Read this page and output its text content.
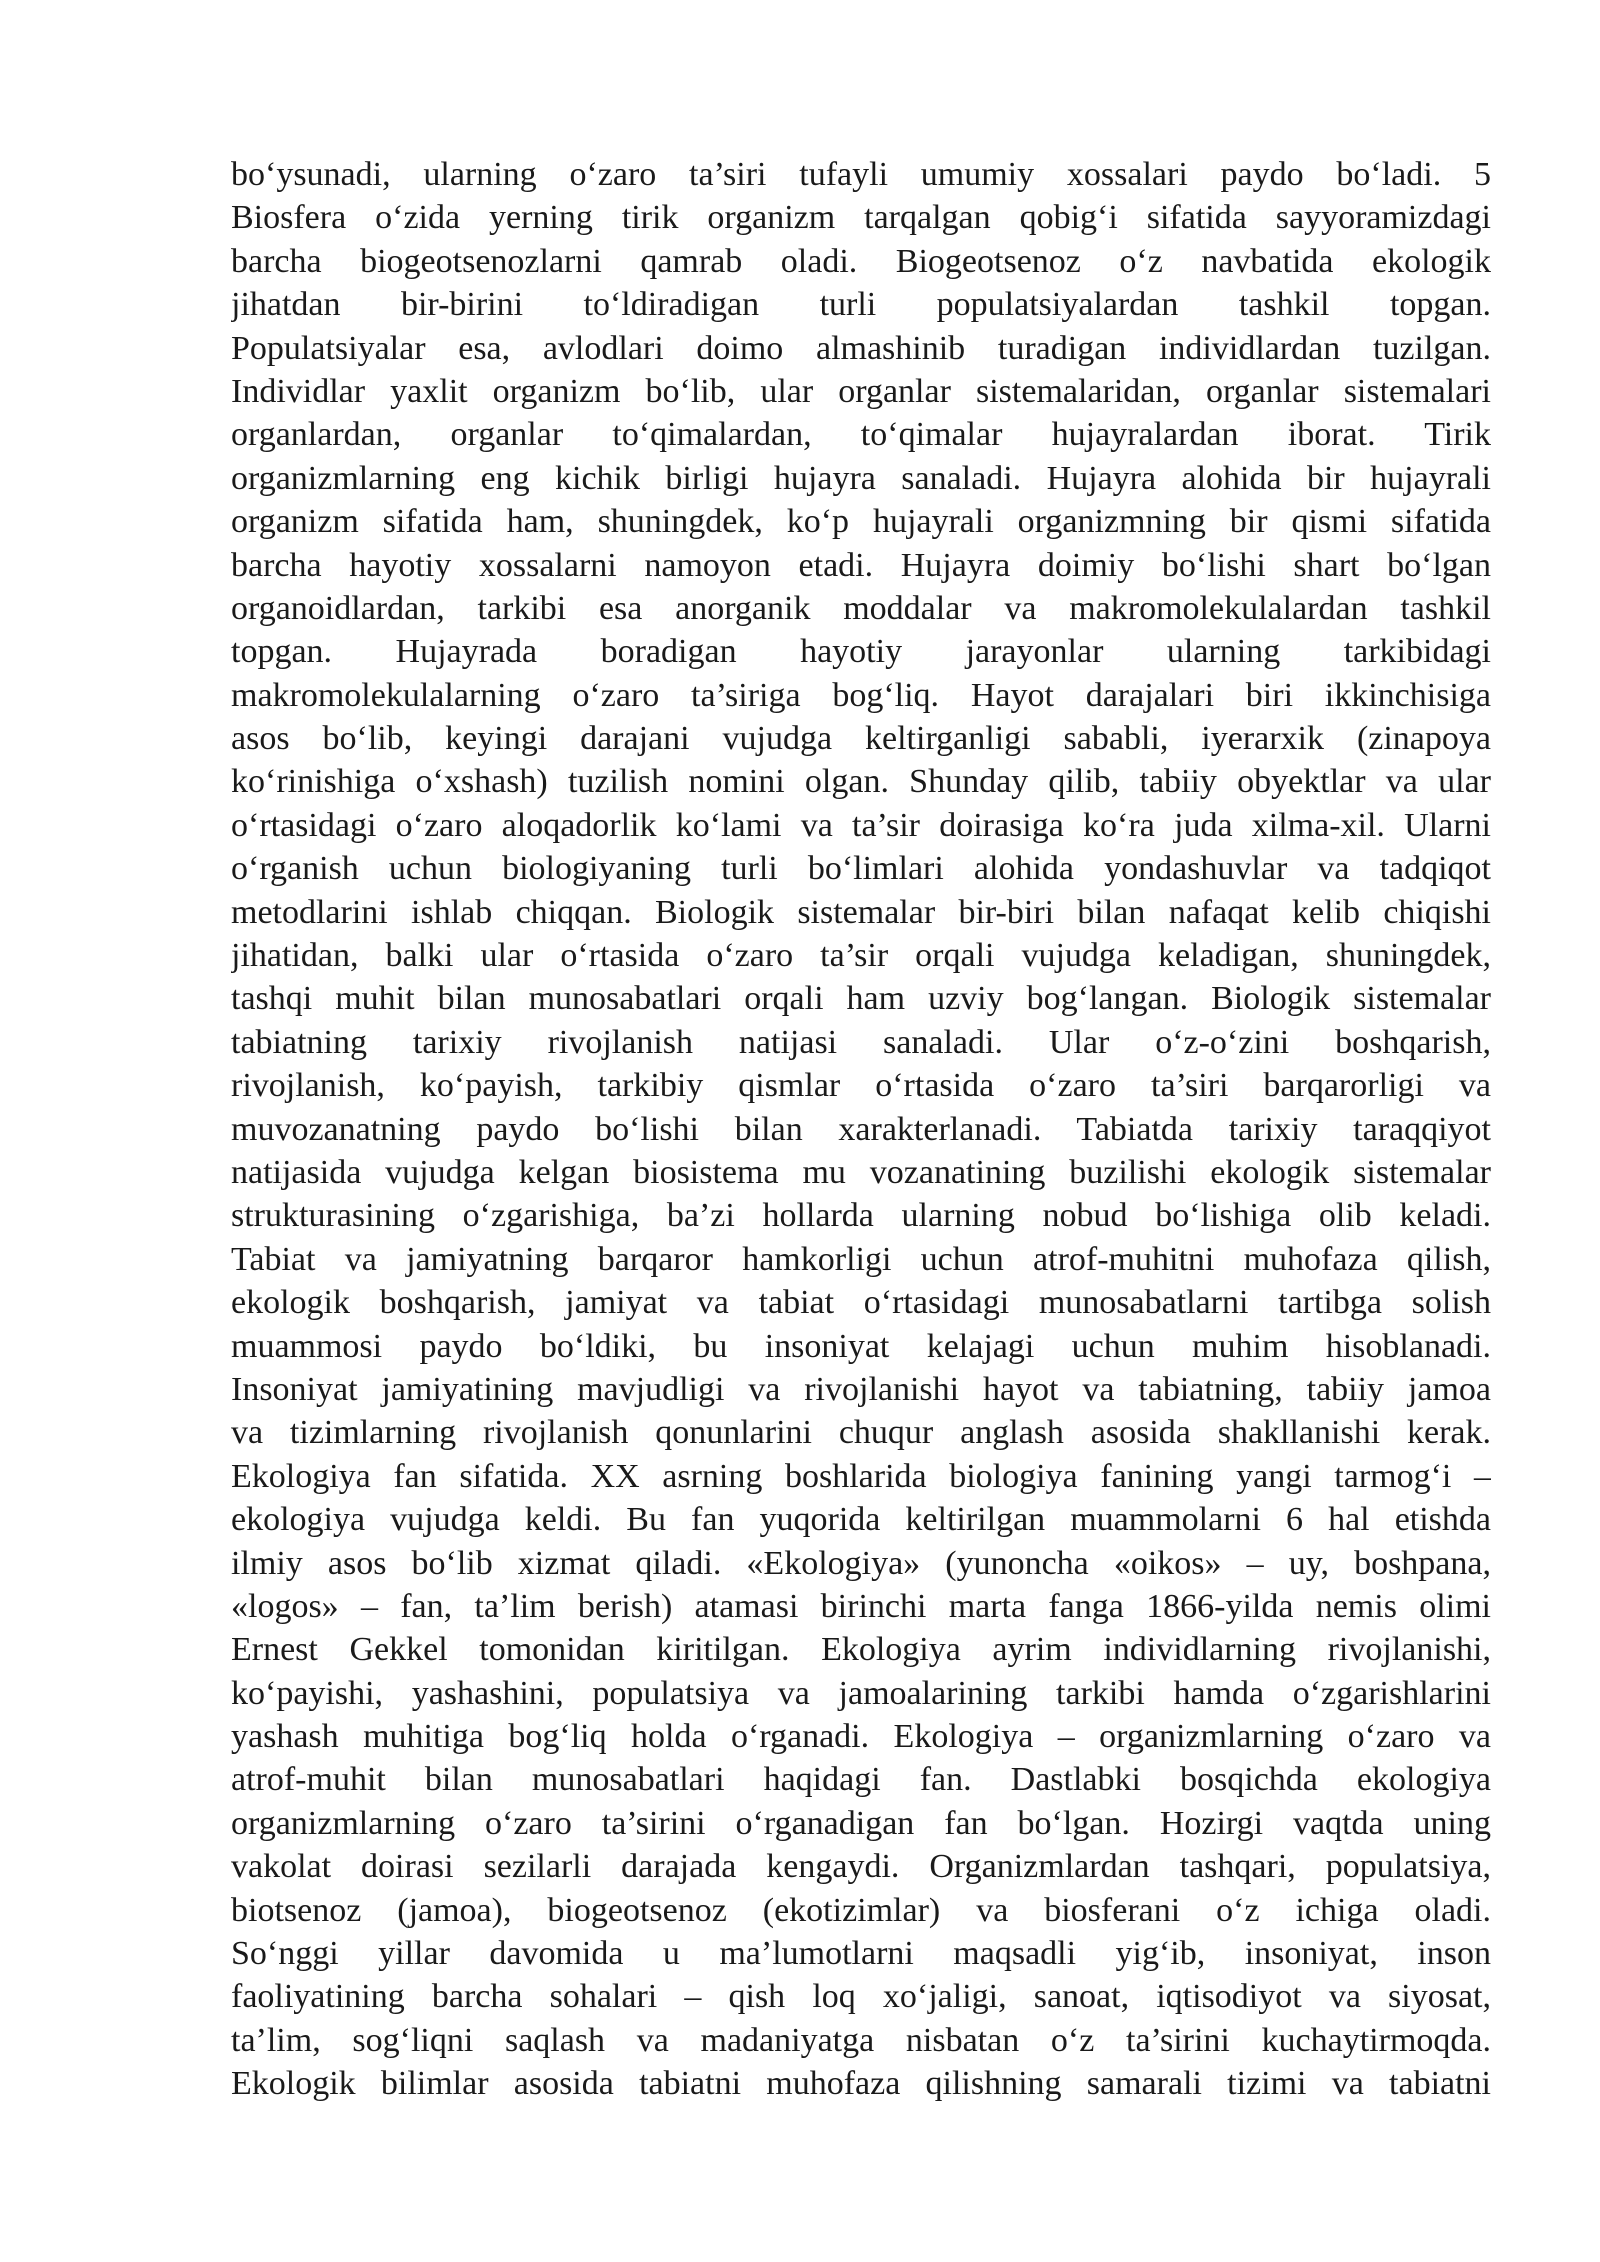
bo‘ysunadi, ularning o‘zaro ta’siri tufayli umumiy xossalari paydo bo‘ladi. 5
Biosfera o‘zida yerning tirik organizm tarqalgan qobig‘i sifatida sayyoramizdagi
barcha biogeotsenozlarni qamrab oladi. Biogeotsenoz o‘z navbatida ekologik
jihatdan bir-birini to‘ldiradigan turli populatsiyalardan tashkil topgan.
Populatsiyalar esa, avlodlari doimo almashinib turadigan individlardan tuzilgan.
Individlar yaxlit organizm bo‘lib, ular organlar sistemalaridan, organlar sistemalari
organlardan, organlar to‘qimalardan, to‘qimalar hujayralardan iborat. Tirik
organizmlarning eng kichik birligi hujayra sanaladi. Hujayra alohida bir hujayrali
organizm sifatida ham, shuningdek, ko‘p hujayrali organizmning bir qismi sifatida
barcha hayotiy xossalarni namoyon etadi. Hujayra doimiy bo‘lishi shart bo‘lgan
organoidlardan, tarkibi esa anorganik moddalar va makromolekulalardan tashkil
topgan. Hujayrada boradigan hayotiy jarayonlar ularning tarkibidagi
makromolekulalarning o‘zaro ta’siriga bog‘liq. Hayot darajalari biri ikkinchisiga
asos bo‘lib, keyingi darajani vujudga keltirganligi sababli, iyerarxik (zinapoya
ko‘rinishiga o‘xshash) tuzilish nomini olgan. Shunday qilib, tabiiy obyektlar va ular
o‘rtasidagi o‘zaro aloqadorlik ko‘lami va ta’sir doirasiga ko‘ra juda xilma-xil. Ularni
o‘rganish uchun biologiyaning turli bo‘limlari alohida yondashuvlar va tadqiqot
metodlarini ishlab chiqqan. Biologik sistemalar bir-biri bilan nafaqat kelib chiqishi
jihatidan, balki ular o‘rtasida o‘zaro ta’sir orqali vujudga keladigan, shuningdek,
tashqi muhit bilan munosabatlari orqali ham uzviy bog‘langan. Biologik sistemalar
tabiatning tarixiy rivojlanish natijasi sanaladi. Ular o‘z-o‘zini boshqarish,
rivojlanish, ko‘payish, tarkibiy qismlar o‘rtasida o‘zaro ta’siri barqarorligi va
muvozanatning paydo bo‘lishi bilan xarakterlanadi. Tabiatda tarixiy taraqqiyot
natijasida vujudga kelgan biosistema mu vozanatining buzilishi ekologik sistemalar
strukturasining o‘zgarishiga, ba’zi hollarda ularning nobud bo‘lishiga olib keladi.
Tabiat va jamiyatning barqaror hamkorligi uchun atrof-muhitni muhofaza qilish,
ekologik boshqarish, jamiyat va tabiat o‘rtasidagi munosabatlarni tartibga solish
muammosi paydo bo‘ldiki, bu insoniyat kelajagi uchun muhim hisoblanadi.
Insoniyat jamiyatining mavjudligi va rivojlanishi hayot va tabiatning, tabiiy jamoa
va tizimlarning rivojlanish qonunlarini chuqur anglash asosida shakllanishi kerak.
Ekologiya fan sifatida. XX asrning boshlarida biologiya fanining yangi tarmog‘i –
ekologiya vujudga keldi. Bu fan yuqorida keltirilgan muammolarni 6 hal etishda
ilmiy asos bo‘lib xizmat qiladi. «Ekologiya» (yunoncha «oikos» – uy, boshpana,
«logos» – fan, ta’lim berish) atamasi birinchi marta fanga 1866-yilda nemis olimi
Ernest Gekkel tomonidan kiritilgan. Ekologiya ayrim individlarning rivojlanishi,
ko‘payishi, yashashini, populatsiya va jamoalarining tarkibi hamda o‘zgarishlarini
yashash muhitiga bog‘liq holda o‘rganadi. Ekologiya – organizmlarning o‘zaro va
atrof-muhit bilan munosabatlari haqidagi fan. Dastlabki bosqichda ekologiya
organizmlarning o‘zaro ta’sirini o‘rganadigan fan bo‘lgan. Hozirgi vaqtda uning
vakolat doirasi sezilarli darajada kengaydi. Organizmlardan tashqari, populatsiya,
biotsenoz (jamoa), biogeotsenoz (ekotizimlar) va biosferani o‘z ichiga oladi.
So‘nggi yillar davomida u ma’lumotlarni maqsadli yig‘ib, insoniyat, inson
faoliyatining barcha sohalari – qish loq xo‘jaligi, sanoat, iqtisodiyot va siyosat,
ta’lim, sog‘liqni saqlash va madaniyatga nisbatan o‘z ta’sirini kuchaytirmoqda.
Ekologik bilimlar asosida tabiatni muhofaza qilishning samarali tizimi va tabiatni
